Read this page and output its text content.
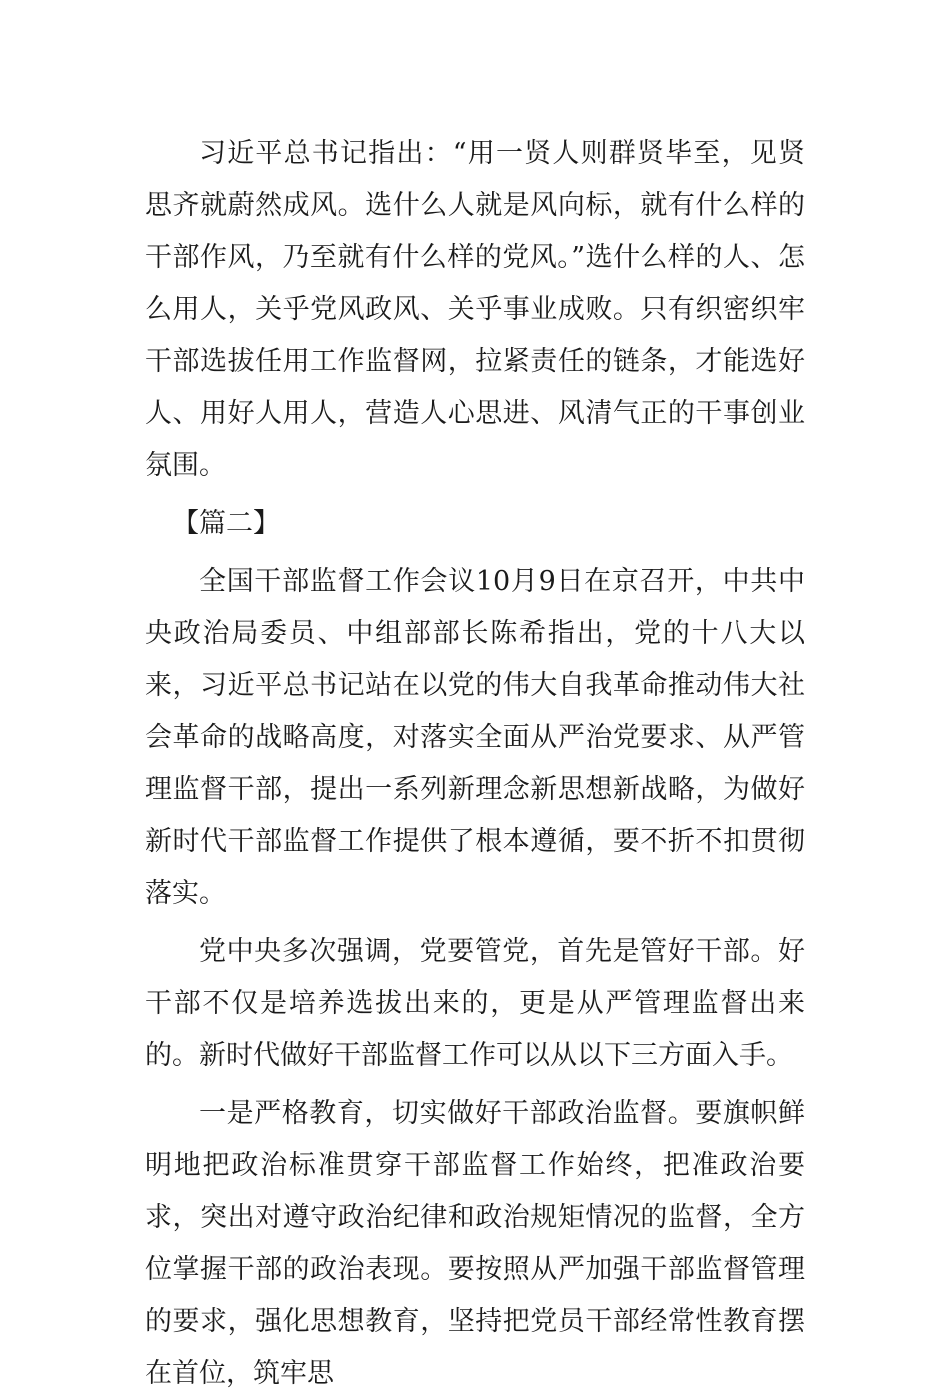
习近平总书记指出：“用一贤人则群贤毕至，见贤思齐就蔚然成风。选什么人就是风向标，就有什么样的干部作风，乃至就有什么样的党风。”选什么样的人、怎么用人，关乎党风政风、关乎事业成败。只有织密织牢干部选拔任用工作监督网，拉紧责任的链条，才能选好人、用好人用人，营造人心思进、风清气正的干事创业氛围。

【篇二】

全国干部监督工作会议10月9日在京召开，中共中央政治局委员、中组部部长陈希指出，党的十八大以来，习近平总书记站在以党的伟大自我革命推动伟大社会革命的战略高度，对落实全面从严治党要求、从严管理监督干部，提出一系列新理念新思想新战略，为做好新时代干部监督工作提供了根本遵循，要不折不扣贯彻落实。

党中央多次强调，党要管党，首先是管好干部。好干部不仅是培养选拔出来的，更是从严管理监督出来的。新时代做好干部监督工作可以从以下三方面入手。

一是严格教育，切实做好干部政治监督。要旗帜鲜明地把政治标准贯穿干部监督工作始终，把准政治要求，突出对遵守政治纪律和政治规矩情况的监督，全方位掌握干部的政治表现。要按照从严加强干部监督管理的要求，强化思想教育，坚持把党员干部经常性教育摆在首位，筑牢思
